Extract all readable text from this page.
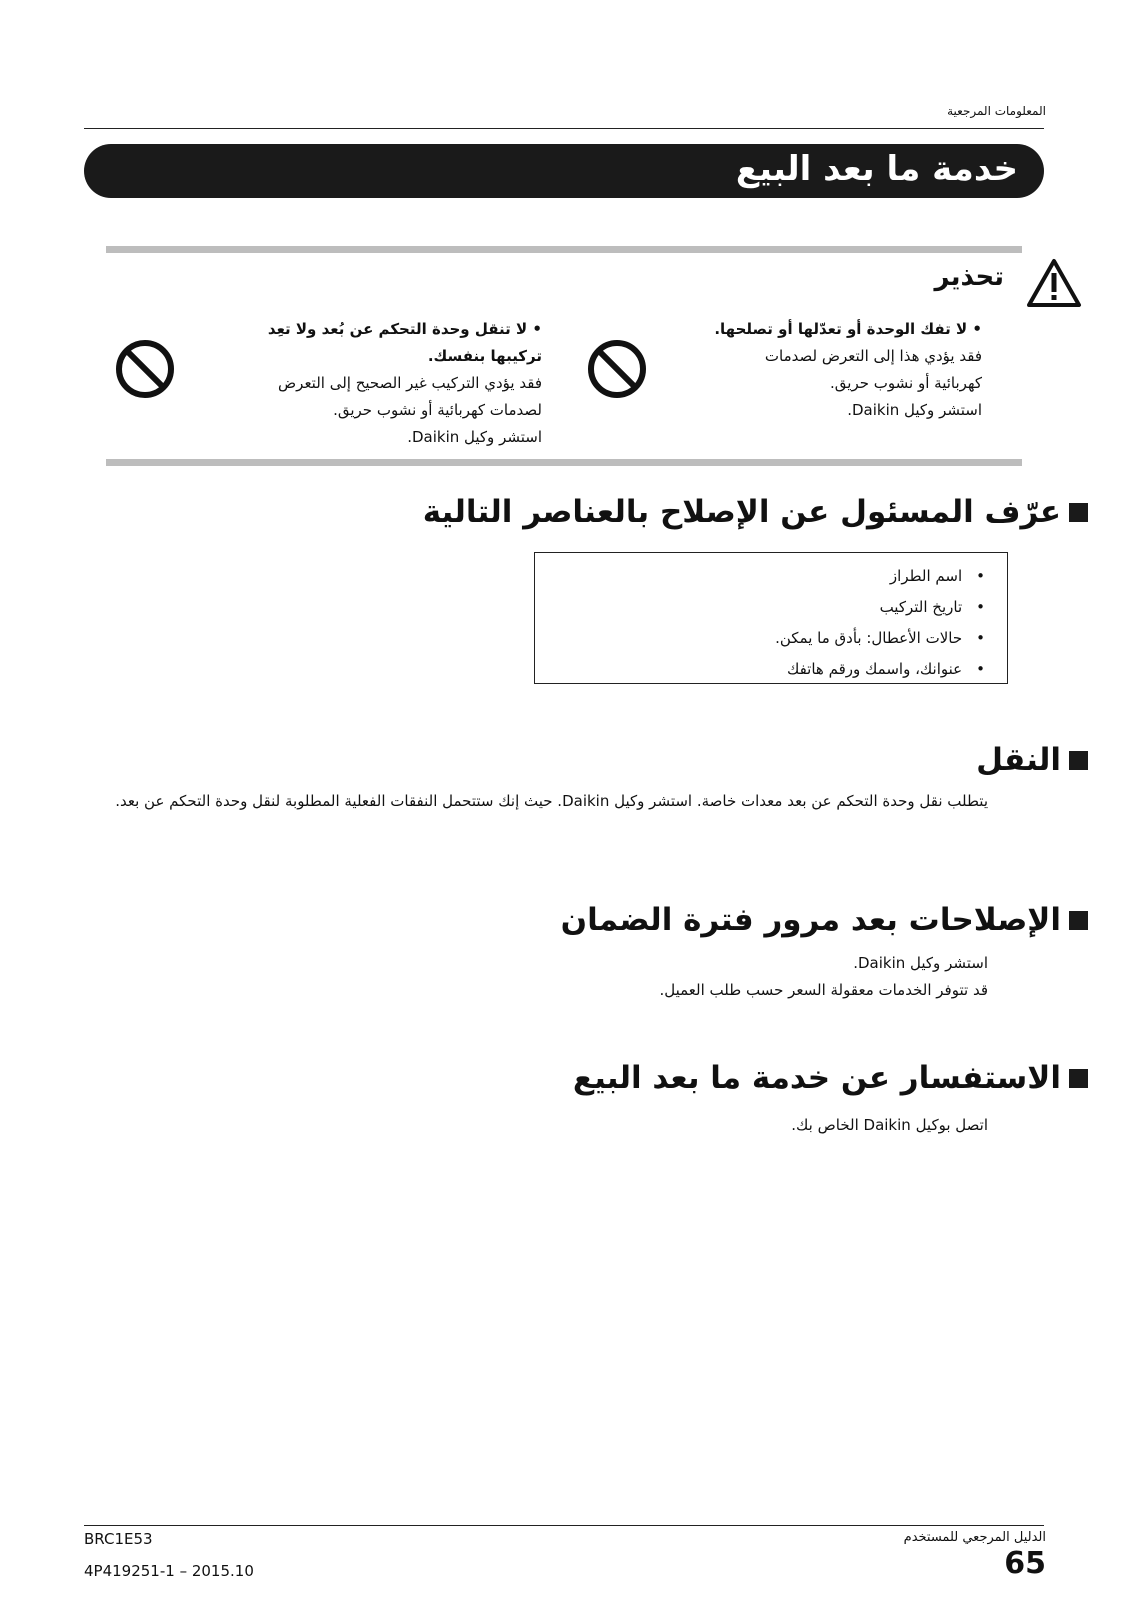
المعلومات المرجعية
خدمة ما بعد البيع
تحذير
• لا تفك الوحدة أو تعدّلها أو تصلحها.
فقد يؤدي هذا إلى التعرض لصدمات
كهربائية أو نشوب حريق.
استشر وكيل Daikin.
• لا تنقل وحدة التحكم عن بُعد ولا تعِد تركيبها بنفسك.
فقد يؤدي التركيب غير الصحيح إلى التعرض
لصدمات كهربائية أو نشوب حريق.
استشر وكيل Daikin.
عرّف المسئول عن الإصلاح بالعناصر التالية
• اسم الطراز
• تاريخ التركيب
• حالات الأعطال: بأدق ما يمكن.
• عنوانك، واسمك ورقم هاتفك
النقل
يتطلب نقل وحدة التحكم عن بعد معدات خاصة. استشر وكيل Daikin. حيث إنك ستتحمل النفقات الفعلية المطلوبة لنقل وحدة التحكم عن بعد.
الإصلاحات بعد مرور فترة الضمان
استشر وكيل Daikin.
قد تتوفر الخدمات معقولة السعر حسب طلب العميل.
الاستفسار عن خدمة ما بعد البيع
اتصل بوكيل Daikin الخاص بك.
BRC1E53
4P419251-1 – 2015.10
الدليل المرجعي للمستخدم
65
